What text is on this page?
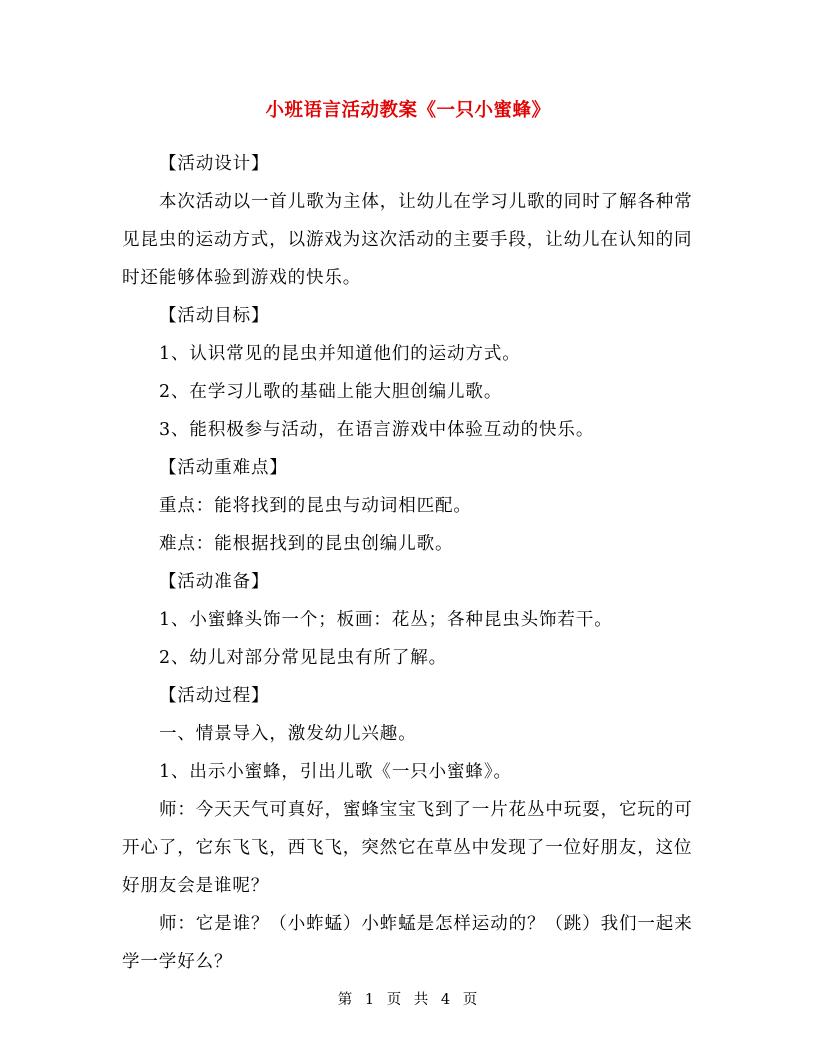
小班语言活动教案《一只小蜜蜂》

【活动设计】

本次活动以一首儿歌为主体，让幼儿在学习儿歌的同时了解各种常见昆虫的运动方式，以游戏为这次活动的主要手段，让幼儿在认知的同时还能够体验到游戏的快乐。

【活动目标】

1、认识常见的昆虫并知道他们的运动方式。

2、在学习儿歌的基础上能大胆创编儿歌。

3、能积极参与活动，在语言游戏中体验互动的快乐。

【活动重难点】

重点：能将找到的昆虫与动词相匹配。

难点：能根据找到的昆虫创编儿歌。

【活动准备】

1、小蜜蜂头饰一个；板画：花丛；各种昆虫头饰若干。

2、幼儿对部分常见昆虫有所了解。

【活动过程】

一、情景导入，激发幼儿兴趣。

1、出示小蜜蜂，引出儿歌《一只小蜜蜂》。

师：今天天气可真好，蜜蜂宝宝飞到了一片花丛中玩耍，它玩的可开心了，它东飞飞，西飞飞，突然它在草丛中发现了一位好朋友，这位好朋友会是谁呢？

师：它是谁？（小蚱蜢）小蚱蜢是怎样运动的？（跳）我们一起来学一学好么？

第 1 页 共 4 页
